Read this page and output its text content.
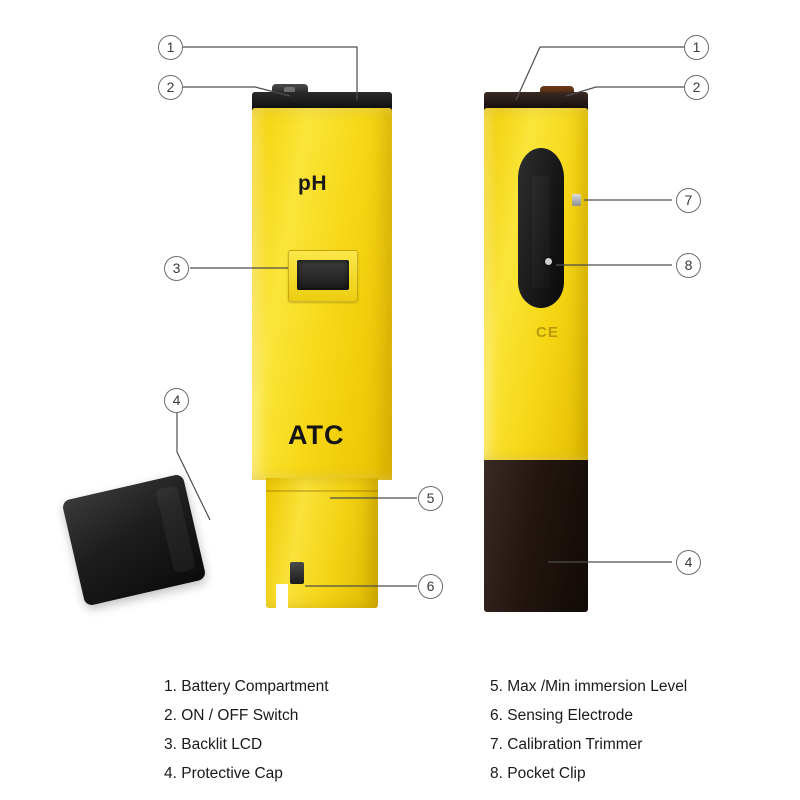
pH
ATC
CE
1
2
3
4
5
6
1
2
7
8
4
1. Battery Compartment
2. ON / OFF Switch
3. Backlit LCD
4. Protective Cap
5. Max /Min immersion Level
6. Sensing Electrode
7. Calibration Trimmer
8. Pocket Clip
